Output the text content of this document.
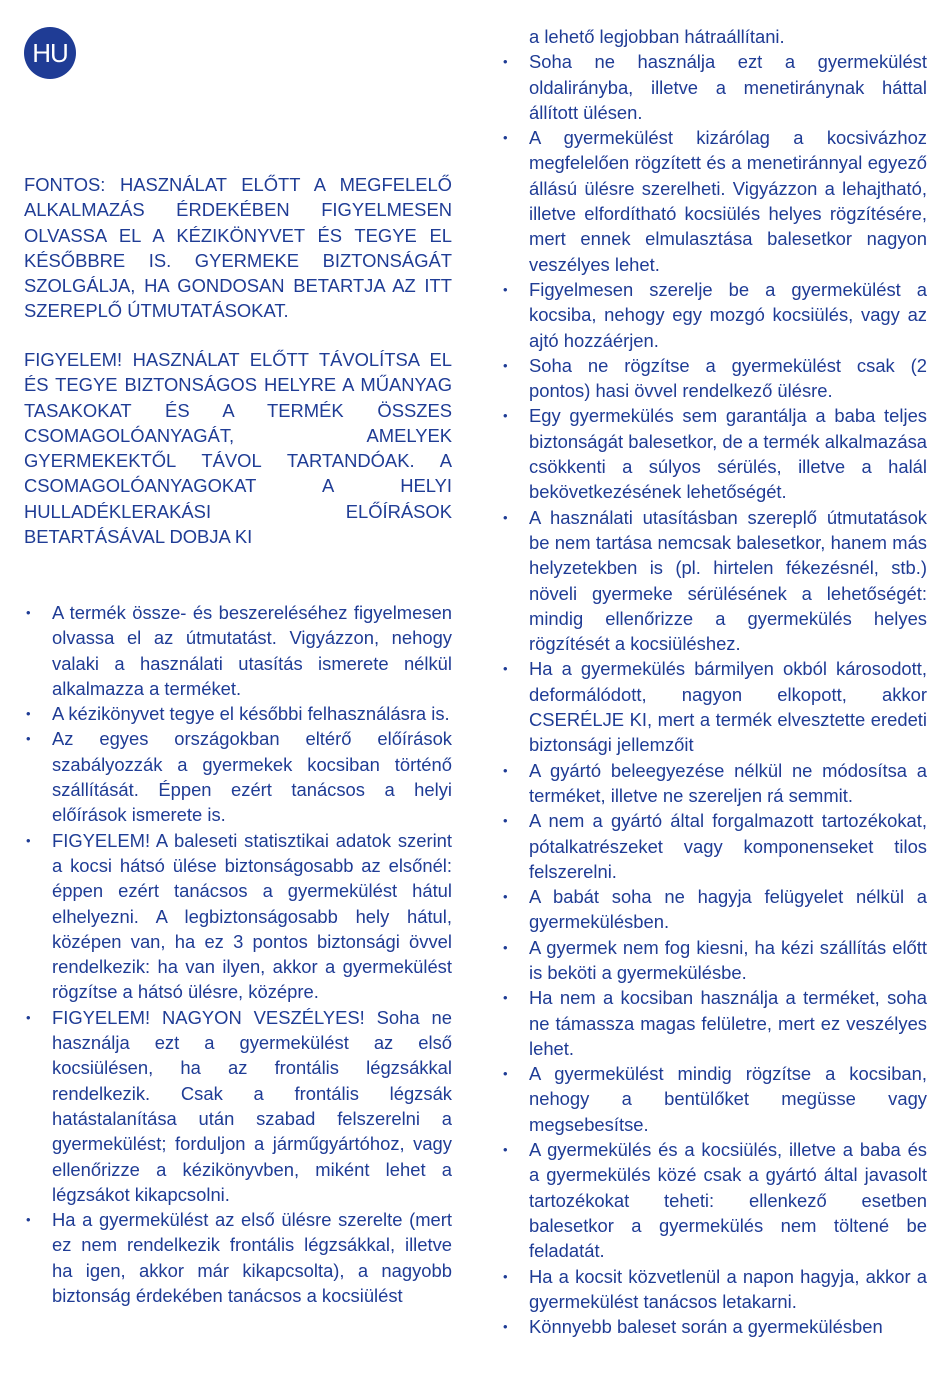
HU
FONTOS: HASZNÁLAT ELŐTT A MEGFELELŐ ALKALMAZÁS ÉRDEKÉBEN FIGYELMESEN OLVASSA EL A KÉZIKÖNYVET ÉS TEGYE EL KÉSŐBBRE IS. GYERMEKE BIZTONSÁGÁT SZOLGÁLJA, HA GONDOSAN BETARTJA AZ ITT SZEREPLŐ ÚTMUTATÁSOKAT.
FIGYELEM! HASZNÁLAT ELŐTT TÁVOLÍTSA EL ÉS TEGYE BIZTONSÁGOS HELYRE A MŰANYAG TASAKOKAT ÉS A TERMÉK ÖSSZES CSOMAGOLÓANYAGÁT, AMELYEK GYERMEKEKTŐL TÁVOL TARTANDÓAK. A CSOMAGOLÓANYAGOKAT A HELYI HULLADÉKLERAKÁSI ELŐÍRÁSOK BETARTÁSÁVAL DOBJA KI
• A termék össze- és beszereléséhez figyelmesen olvassa el az útmutatást. Vigyázzon, nehogy valaki a használati utasítás ismerete nélkül alkalmazza a terméket.
• A kézikönyvet tegye el későbbi felhasználásra is.
• Az egyes országokban eltérő előírások szabályozzák a gyermekek kocsiban történő szállítását. Éppen ezért tanácsos a helyi előírások ismerete is.
• FIGYELEM! A baleseti statisztikai adatok szerint a kocsi hátsó ülése biztonságosabb az elsőnél: éppen ezért tanácsos a gyermekülést hátul elhelyezni. A legbiztonságosabb hely hátul, középen van, ha ez 3 pontos biztonsági övvel rendelkezik: ha van ilyen, akkor a gyermekülést rögzítse a hátsó ülésre, középre.
• FIGYELEM! NAGYON VESZÉLYES! Soha ne használja ezt a gyermekülést az első kocsiülésen, ha az frontális légzsákkal rendelkezik. Csak a frontális légzsák hatástalanítása után szabad felszerelni a gyermekülést; forduljon a járműgyártóhoz, vagy ellenőrizze a kézikönyvben, miként lehet a légzsákot kikapcsolni.
• Ha a gyermekülést az első ülésre szerelte (mert ez nem rendelkezik frontális légzsákkal, illetve ha igen, akkor már kikapcsolta), a nagyobb biztonság érdekében tanácsos a kocsiülést
a lehető legjobban hátraállítani.
• Soha ne használja ezt a gyermekülést oldalirányba, illetve a menetiránynak háttal állított ülésen.
• A gyermekülést kizárólag a kocsivázhoz megfelelően rögzített és a menetiránnyal egyező állású ülésre szerelheti. Vigyázzon a lehajtható, illetve elfordítható kocsiülés helyes rögzítésére, mert ennek elmulasztása balesetkor nagyon veszélyes lehet.
• Figyelmesen szerelje be a gyermekülést a kocsiba, nehogy egy mozgó kocsiülés, vagy az ajtó hozzáérjen.
• Soha ne rögzítse a gyermekülést csak (2 pontos) hasi övvel rendelkező ülésre.
• Egy gyermekülés sem garantálja a baba teljes biztonságát balesetkor, de a termék alkalmazása csökkenti a súlyos sérülés, illetve a halál bekövetkezésének lehetőségét.
• A használati utasításban szereplő útmutatások be nem tartása nemcsak balesetkor, hanem más helyzetekben is (pl. hirtelen fékezésnél, stb.) növeli gyermeke sérülésének a lehetőségét: mindig ellenőrizze a gyermekülés helyes rögzítését a kocsiüléshez.
• Ha a gyermekülés bármilyen okból károsodott, deformálódott, nagyon elkopott, akkor CSERÉLJE KI, mert a termék elvesztette eredeti biztonsági jellemzőit
• A gyártó beleegyezése nélkül ne módosítsa a terméket, illetve ne szereljen rá semmit.
• A nem a gyártó által forgalmazott tartozékokat, pótalkatrészeket vagy komponenseket tilos felszerelni.
• A babát soha ne hagyja felügyelet nélkül a gyermekülésben.
• A gyermek nem fog kiesni, ha kézi szállítás előtt is beköti a gyermekülésbe.
• Ha nem a kocsiban használja a terméket, soha ne támassza magas felületre, mert ez veszélyes lehet.
• A gyermekülést mindig rögzítse a kocsiban, nehogy a bentülőket megüsse vagy megsebesítse.
• A gyermekülés és a kocsiülés, illetve a baba és a gyermekülés közé csak a gyártó által javasolt tartozékokat teheti: ellenkező esetben balesetkor a gyermekülés nem töltené be feladatát.
• Ha a kocsit közvetlenül a napon hagyja, akkor a gyermekülést tanácsos letakarni.
• Könnyebb baleset során a gyermekülésben
